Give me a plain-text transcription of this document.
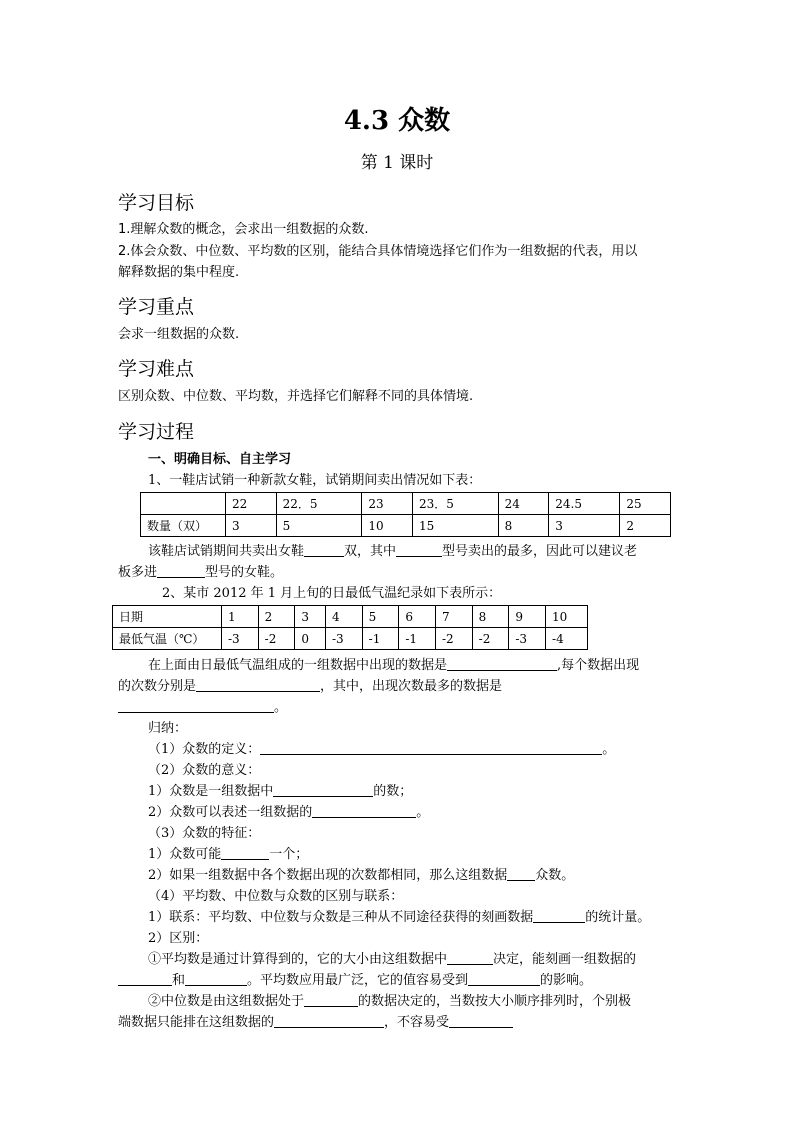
4.3 众数
第 1 课时
学习目标
1.理解众数的概念，会求出一组数据的众数.
2.体会众数、中位数、平均数的区别，能结合具体情境选择它们作为一组数据的代表，用以
解释数据的集中程度.
学习重点
会求一组数据的众数.
学习难点
区别众数、中位数、平均数，并选择它们解释不同的具体情境.
学习过程
一、明确目标、自主学习
1、一鞋店试销一种新款女鞋，试销期间卖出情况如下表：
	22	22．5	23	23．5	24	24.5	25
数量（双）	3	5	10	15	8	3	2
该鞋店试销期间共卖出女鞋	双，其中	型号卖出的最多，因此可以建议老
板多进	型号的女鞋。
2、某市 2012 年 1 月上旬的日最低气温纪录如下表所示：
日期	1	2	3	4	5	6	7	8	9	10
最低气温（℃）	-3	-2	0	-3	-1	-1	-2	-2	-3	-4
在上面由日最低气温组成的一组数据中出现的数据是	,每个数据出现
的次数分别是	，其中，出现次数最多的数据是
。
归纳：
（1）众数的定义：	。
（2）众数的意义：
1）众数是一组数据中	的数；
2）众数可以表述一组数据的	。
（3）众数的特征：
1）众数可能	一个；
2）如果一组数据中各个数据出现的次数都相同，那么这组数据 众数。
（4）平均数、中位数与众数的区别与联系：
1）联系：平均数、中位数与众数是三种从不同途径获得的刻画数据	的统计量。
2）区别：
①平均数是通过计算得到的，它的大小由这组数据中	决定，能刻画一组数据的
和	。平均数应用最广泛，它的值容易受到	的影响。
②中位数是由这组数据处于	的数据决定的，当数按大小顺序排列时，个别极
端数据只能排在这组数据的	，不容易受
